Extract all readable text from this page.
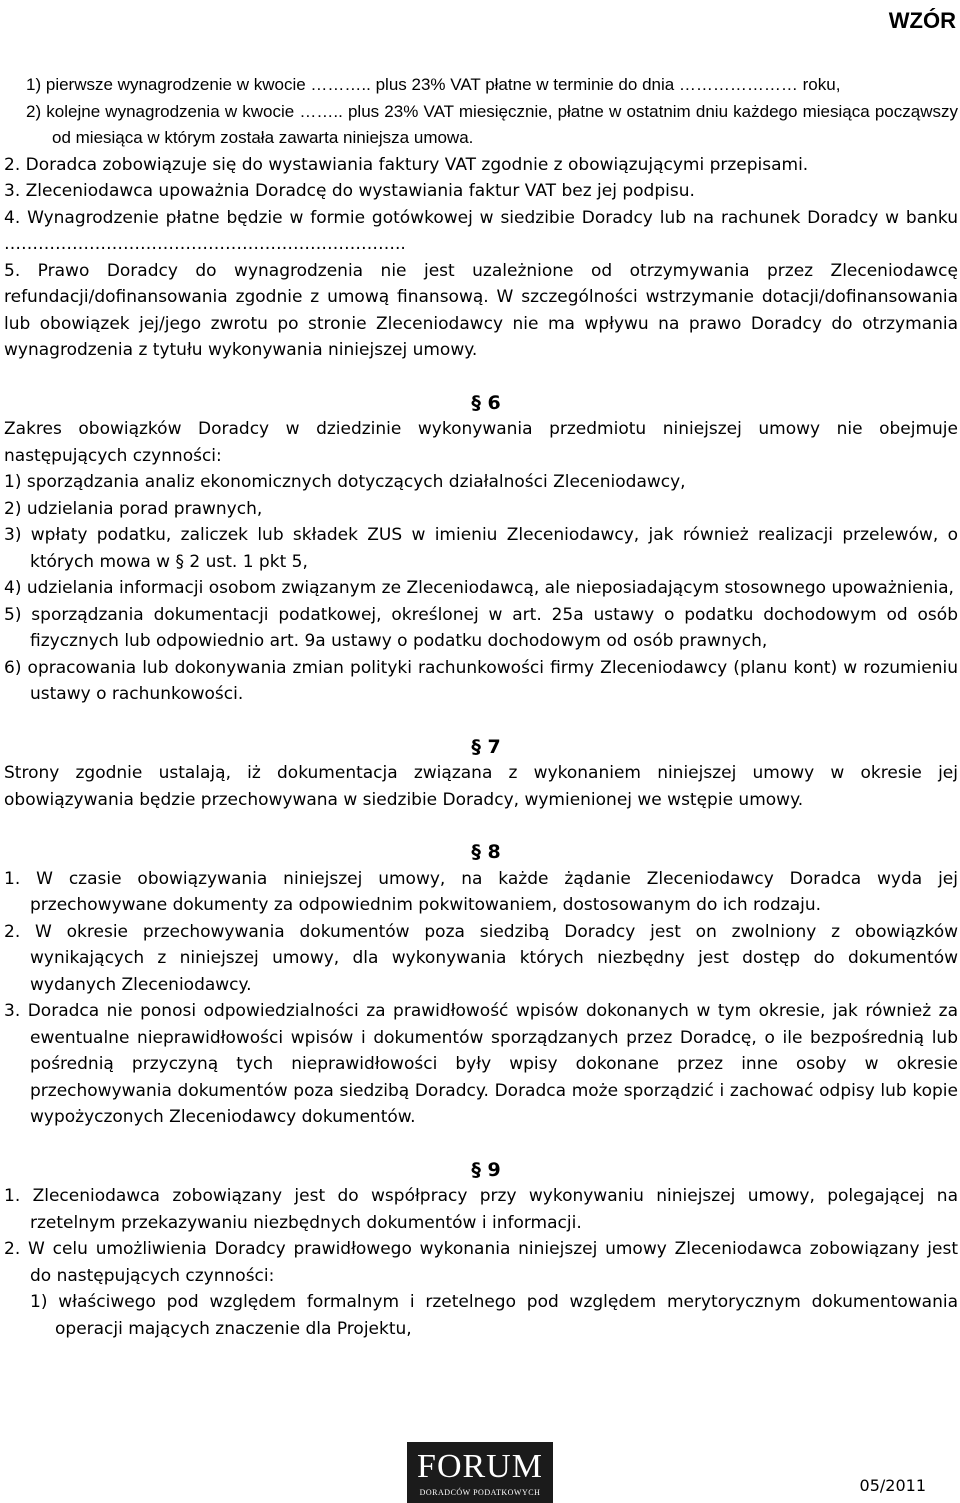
WZÓR

1) pierwsze wynagrodzenie w kwocie ……….. plus 23% VAT płatne w terminie do dnia ………………… roku,

2) kolejne wynagrodzenia w kwocie …….. plus 23% VAT miesięcznie, płatne w ostatnim dniu każdego miesiąca począwszy od miesiąca w którym została zawarta niniejsza umowa.

2. Doradca zobowiązuje się do wystawiania faktury VAT zgodnie z obowiązującymi przepisami.

3. Zleceniodawca upoważnia Doradcę do wystawiania faktur VAT bez jej podpisu.

4. Wynagrodzenie płatne będzie w formie gotówkowej w siedzibie Doradcy lub na rachunek Doradcy w banku ……………………………………………………………..

5. Prawo Doradcy do wynagrodzenia nie jest uzależnione od otrzymywania przez Zleceniodawcę refundacji/dofinansowania zgodnie z umową finansową. W szczególności wstrzymanie dotacji/dofinansowania lub obowiązek jej/jego zwrotu po stronie Zleceniodawcy nie ma wpływu na prawo Doradcy do otrzymania wynagrodzenia z tytułu wykonywania niniejszej umowy.

§ 6

Zakres obowiązków Doradcy w dziedzinie wykonywania przedmiotu niniejszej umowy nie obejmuje następujących czynności:

1) sporządzania analiz ekonomicznych dotyczących działalności Zleceniodawcy,

2) udzielania porad prawnych,

3) wpłaty podatku, zaliczek lub składek ZUS w imieniu Zleceniodawcy, jak również realizacji przelewów, o których mowa w § 2 ust. 1 pkt 5,

4) udzielania informacji osobom związanym ze Zleceniodawcą, ale nieposiadającym stosownego upoważnienia,

5) sporządzania dokumentacji podatkowej, określonej w art. 25a ustawy o podatku dochodowym od osób fizycznych lub odpowiednio art. 9a ustawy o podatku dochodowym od osób prawnych,

6) opracowania lub dokonywania zmian polityki rachunkowości firmy Zleceniodawcy (planu kont) w rozumieniu ustawy o rachunkowości.

§ 7

Strony zgodnie ustalają, iż dokumentacja związana z wykonaniem niniejszej umowy w okresie jej obowiązywania będzie przechowywana w siedzibie Doradcy, wymienionej we wstępie umowy.

§ 8

1. W czasie obowiązywania niniejszej umowy, na każde żądanie Zleceniodawcy Doradca wyda jej przechowywane dokumenty za odpowiednim pokwitowaniem, dostosowanym do ich rodzaju.

2. W okresie przechowywania dokumentów poza siedzibą Doradcy jest on zwolniony z obowiązków wynikających z niniejszej umowy, dla wykonywania których niezbędny jest dostęp do dokumentów wydanych Zleceniodawcy.

3. Doradca nie ponosi odpowiedzialności za prawidłowość wpisów dokonanych w tym okresie, jak również za ewentualne nieprawidłowości wpisów i dokumentów sporządzanych przez Doradcę, o ile bezpośrednią lub pośrednią przyczyną tych nieprawidłowości były wpisy dokonane przez inne osoby w okresie przechowywania dokumentów poza siedzibą Doradcy. Doradca może sporządzić i zachować odpisy lub kopie wypożyczonych Zleceniodawcy dokumentów.

§ 9

1. Zleceniodawca zobowiązany jest do współpracy przy wykonywaniu niniejszej umowy, polegającej na rzetelnym przekazywaniu niezbędnych dokumentów i informacji.

2. W celu umożliwienia Doradcy prawidłowego wykonania niniejszej umowy Zleceniodawca zobowiązany jest do następujących czynności:

1) właściwego pod względem formalnym i rzetelnego pod względem merytorycznym dokumentowania operacji mających znaczenie dla Projektu,

FORUM
DORADCÓW PODATKOWYCH	05/2011
